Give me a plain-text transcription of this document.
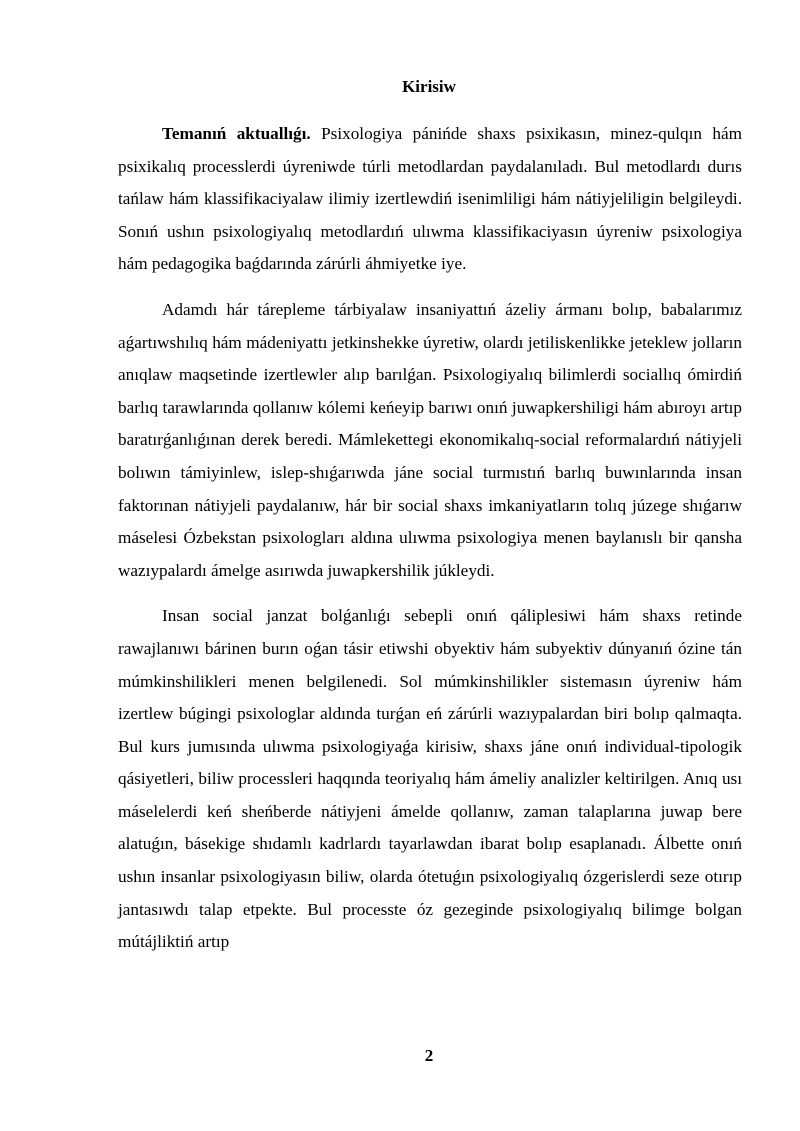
Kirisiw

Temanıń aktuallıǵı. Psixologiya pánińde shaxs psixikasın, minez-qulqın hám psixikalıq processlerdi úyreniwde túrli metodlardan paydalanıladı. Bul metodlardı durıs tańlaw hám klassifikaciyalaw ilimiy izertlewdiń isenimliligi hám nátiyjeliligin belgileydi. Sonıń ushın psixologiyalıq metodlardıń ulıwma klassifikaciyasın úyreniw psixologiya hám pedagogika baǵdarında zárúrli áhmiyetke iye.

Adamdı hár tárepleme tárbiyalaw insaniyattıń ázeliy ármanı bolıp, babalarımız aǵartıwshılıq hám mádeniyattı jetkinshekke úyretiw, olardı jetiliskenlikke jeteklew jolların anıqlaw maqsetinde izertlewler alıp barılǵan. Psixologiyalıq bilimlerdi sociallıq ómirdiń barlıq tarawlarında qollanıw kólemi keńeyip barıwı onıń juwapkershiligi hám abıroyı artıp baratırǵanlıǵınan derek beredi. Mámlekettegi ekonomikalıq-social reformalardıń nátiyjeli bolıwın támiyinlew, islep-shıǵarıwda jáne social turmıstıń barlıq buwınlarında insan faktorınan nátiyjeli paydalanıw, hár bir social shaxs imkaniyatların tolıq júzege shıǵarıw máselesi Ózbekstan psixologları aldına ulıwma psixologiya menen baylanıslı bir qansha wazıypalardı ámelge asırıwda juwapkershilik júkleydi.

Insan social janzat bolǵanlıǵı sebepli onıń qáliplesiwi hám shaxs retinde rawajlanıwı bárinen burın oǵan tásir etiwshi obyektiv hám subyektiv dúnyanıń ózine tán múmkinshilikleri menen belgilenedi. Sol múmkinshilikler sistemasın úyreniw hám izertlew búgingi psixologlar aldında turǵan eń zárúrli wazıypalardan biri bolıp qalmaqta. Bul kurs jumısında ulıwma psixologiyaǵa kirisiw, shaxs jáne onıń individual-tipologik qásiyetleri, biliw processleri haqqında teoriyalıq hám ámeliy analizler keltirilgen. Anıq usı máselelerdi keń sheńberde nátiyjeni ámelde qollanıw, zaman talaplarına juwap bere alatuǵın, básekige shıdamlı kadrlardı tayarlawdan ibarat bolıp esaplanadı. Álbette onıń ushın insanlar psixologiyasın biliw, olarda ótetuǵın psixologiyalıq ózgerislerdi seze otırıp jantasıwdı talap etpekte. Bul processte óz gezeginde psixologiyalıq bilimge bolgan mútájliktiń artıp

2
